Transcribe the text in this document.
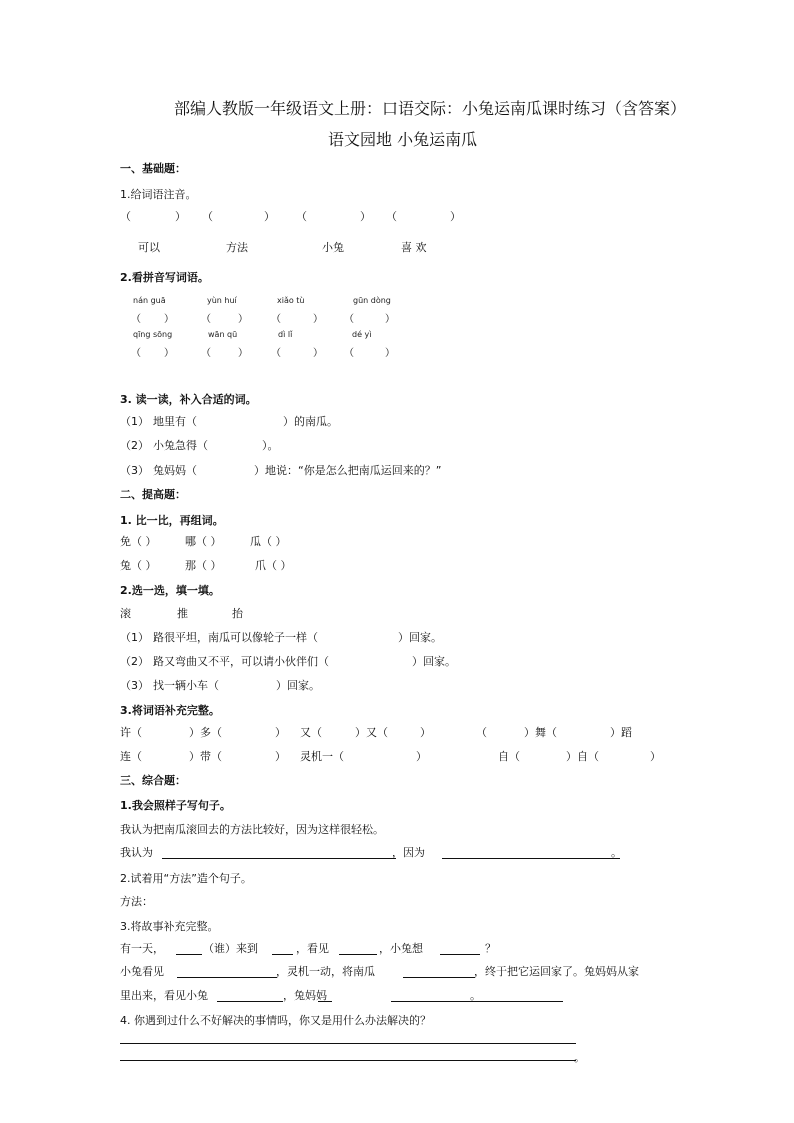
部编人教版一年级语文上册：口语交际：小兔运南瓜课时练习（含答案）
语文园地 小兔运南瓜
一、基础题：
1.给词语注音。
（	） （	） （	） （	）
可以	方法	小兔	喜 欢
2.看拼音写词语。
nán guā	yùn huí	xiǎo tù	gūn dòng
（ ）	（	） （	） （	）
qīng sōng	wān qū	dì lǐ	dé yì
（ ）	（	） （	） （	）
3. 读一读，补入合适的词。
（1） 地里有（	）的南瓜。
（2） 小兔急得（	）。
（3） 兔妈妈（	）地说：“你是怎么把南瓜运回来的？”
二、提高题：
1. 比一比，再组词。
免（ ）	哪（ ）	瓜（ ）
兔（ ）	那（ ）	爪（ ）
2.选一选，填一填。
滚	推	抬
（1） 路很平坦，南瓜可以像轮子一样（	）回家。
（2） 路又弯曲又不平，可以请小伙伴们（	）回家。
（3） 找一辆小车（	）回家。
3.将词语补充完整。
许（	）多（	） 又（	）又（	）	（	）舞（	）蹈
连（	）带（	） 灵机一（	）	自（	）自（	）
三、综合题：
1.我会照样子写句子。
我认为把南瓜滚回去的方法比较好，因为这样很轻松。
我认为	，因为	。
2.试着用“方法”造个句子。
方法：
3.将故事补充完整。
有一天，	（谁）来到	，看见	，小兔想	？
小兔看见	，灵机一动，将南瓜	，终于把它运回家了。兔妈妈从家
里出来，看见小兔	，兔妈妈	。
4. 你遇到过什么不好解决的事情吗，你又是用什么办法解决的？
。
